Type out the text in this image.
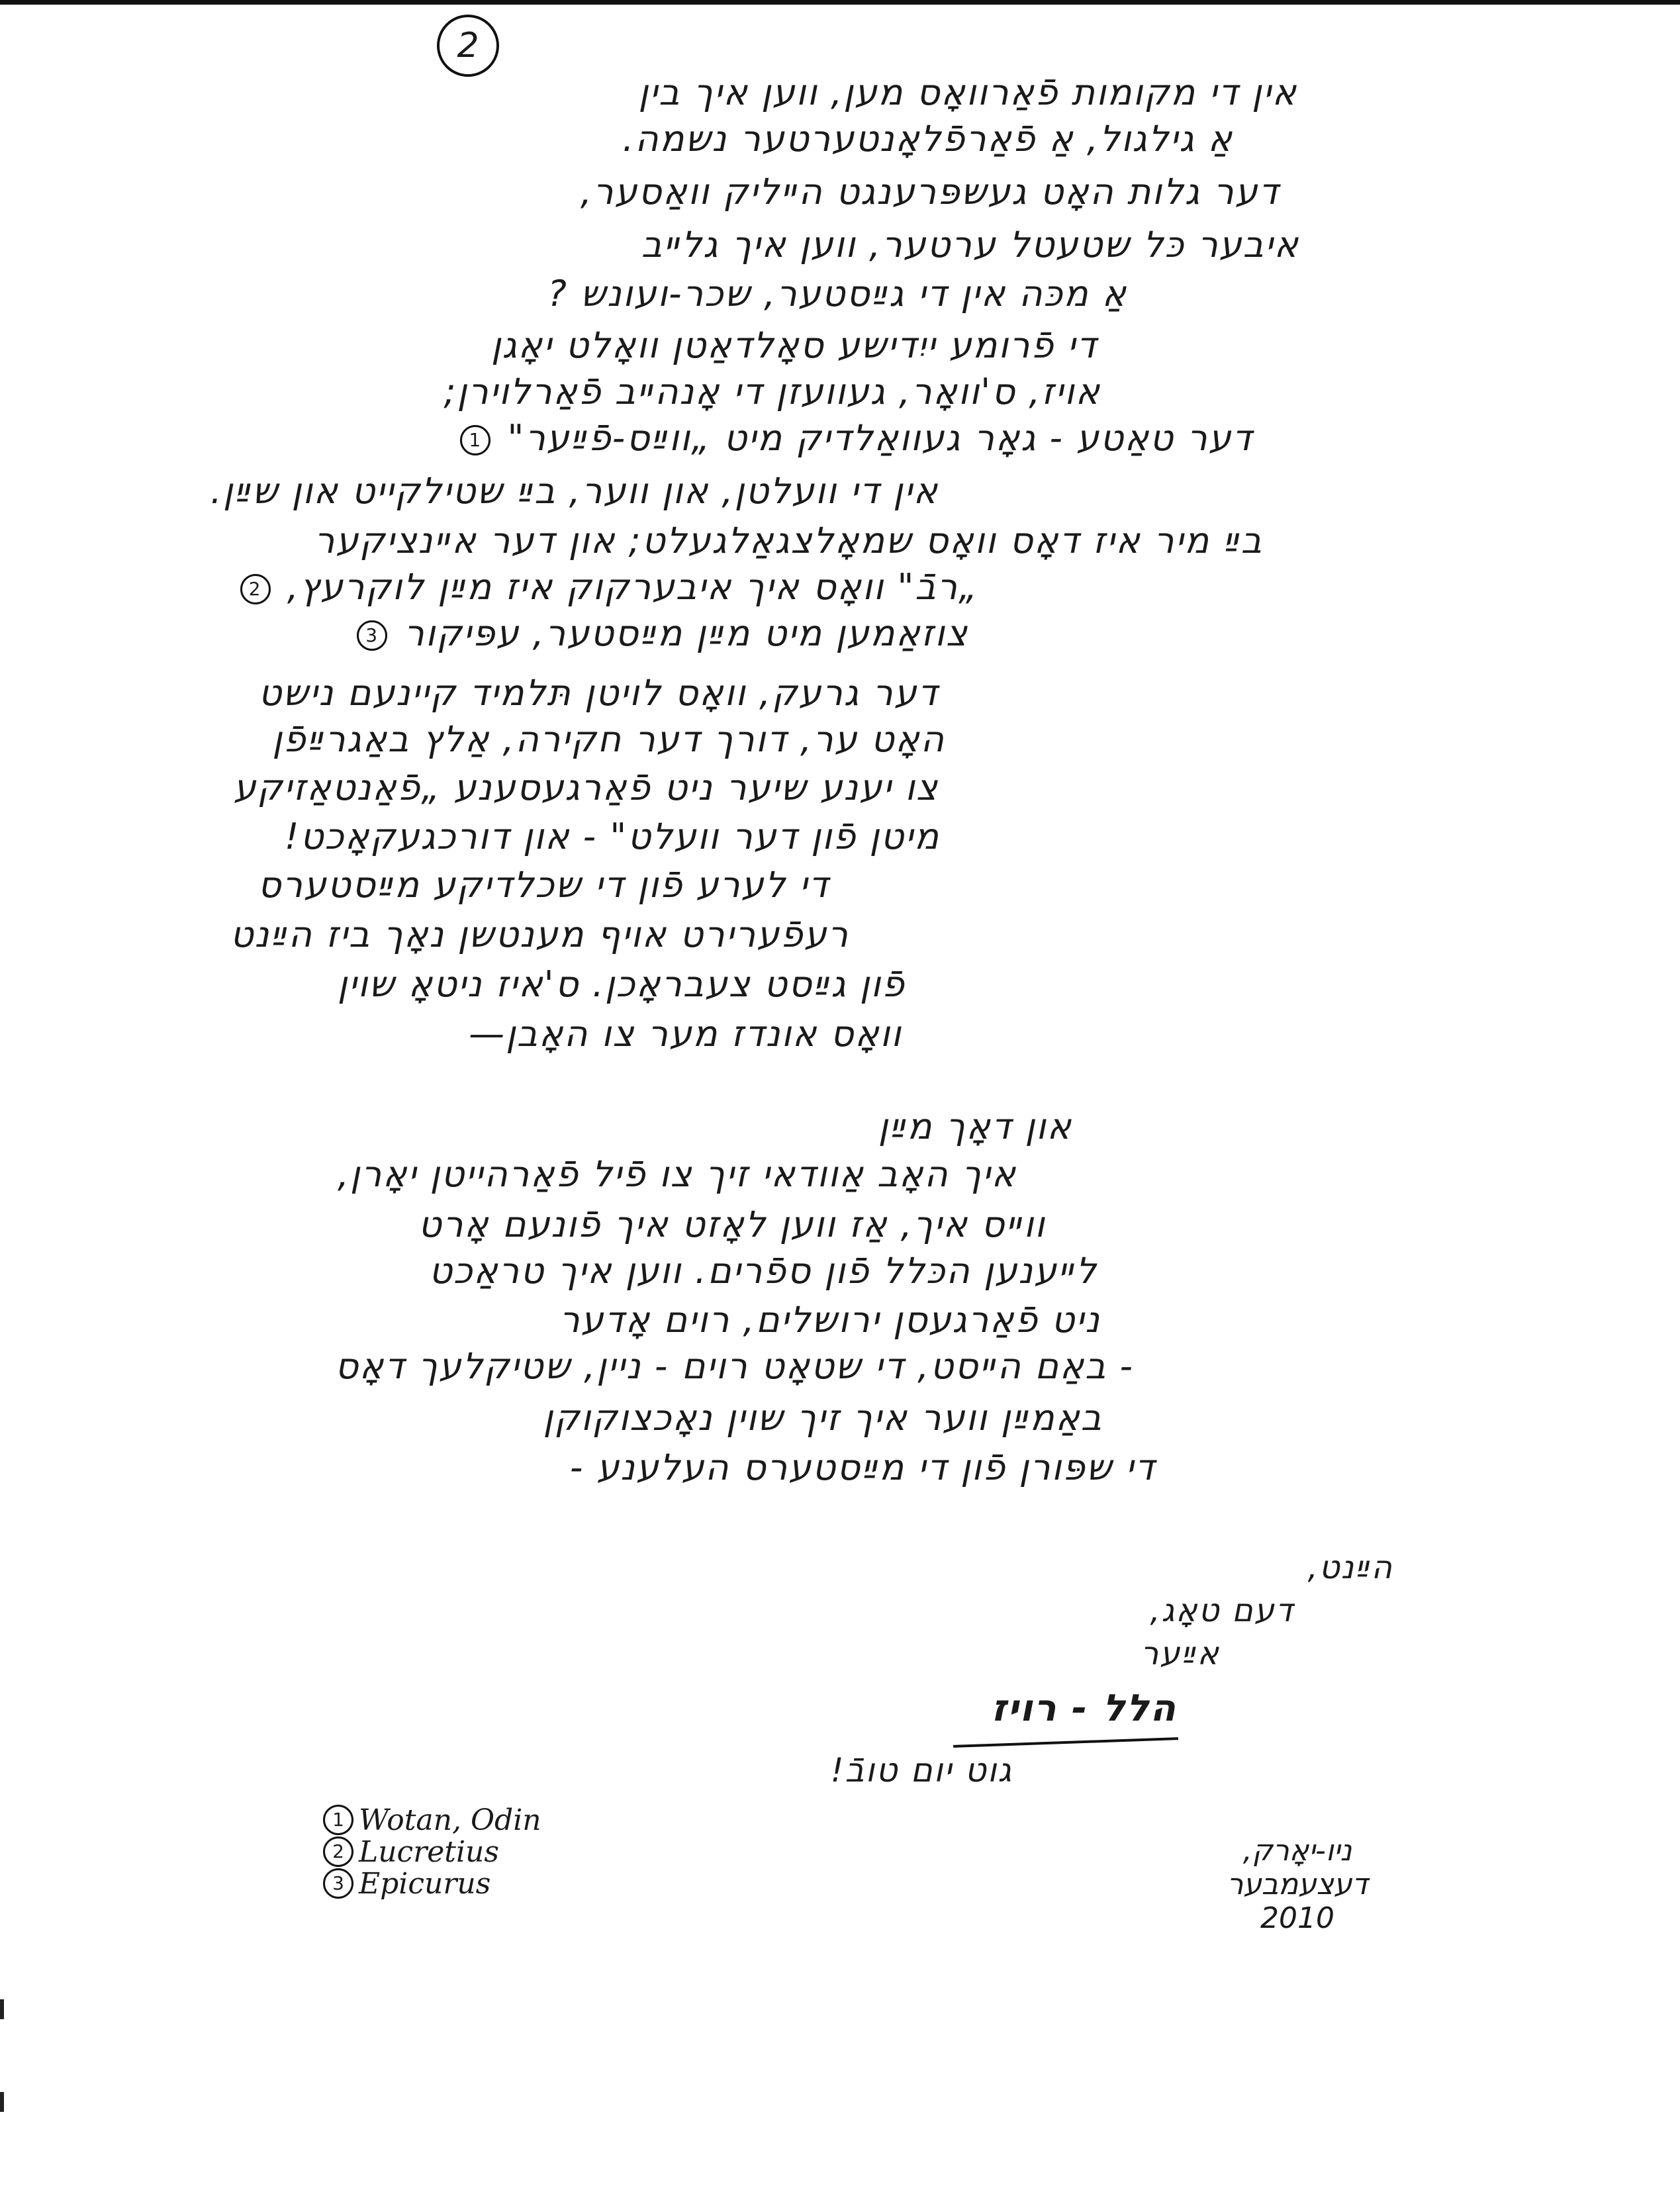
2
אין די מקומות פֿאַרוואָס מען, ווען איך בין
אַ גילגול, אַ פֿאַרפֿלאָנטערטער נשמה.
דער גלות האָט געשפּרענגט הײליק וואַסער,
איבער כּל שטעטל ערטער, ווען איך גלײב
אַ מכּה אין די גײַסטער, שכר-ועונש ?
די פֿרומע ייִדישע סאָלדאַטן וואָלט יאָגן
אויז, ס'וואָר, געוועזן די אָנהײב פֿאַרלוירן;
דער טאַטע - גאָר געוואַלדיק מיט „ווײַס-פֿײַער" 1
אין די וועלטן, און ווער, בײַ שטילקייט און שײַן.
בײַ מיר איז דאָס וואָס שמאָלצגאַלגעלט; און דער אײנציקער
„רבֿ" וואָס איך איבערקוק איז מײַן לוקרעץ, 2
צוזאַמען מיט מײַן מײַסטער, עפּיקור 3
דער גרעק, וואָס לויטן תּלמיד קיינעם נישט
האָט ער, דורך דער חקירה, אַלץ באַגרײַפֿן
צו יענע שיער ניט פֿאַרגעסענע „פֿאַנטאַזיקע
מיטן פֿון דער וועלט" - און דורכגעקאָכט!
די לערע פֿון די שכלדיקע מײַסטערס
רעפֿערירט אויף מענטשן נאָך ביז הײַנט
פֿון גײַסט צעבראָכן. ס'איז ניטאָ שוין
וואָס אונדז מער צו האָבן—
און דאָך מײַן
איך האָב אַוודאי זיך צו פֿיל פֿאַרהייטן יאָרן,
ווײס איך, אַז ווען לאָזט איך פֿונעם אָרט
לײענען הכּלל פֿון ספֿרים. ווען איך טראַכט
ניט פֿאַרגעסן ירושלים, רוים אָדער
- באַם הײסט, די שטאָט רוים - ניין, שטיקלעך דאָס
באַמײַן ווער איך זיך שוין נאָכצוקוקן
די שפּורן פֿון די מײַסטערס העלענע -
הײַנט,
דעם טאָג,
אײַער
הלל - רויז
גוט יום טובֿ!
1 Wotan, Odin
2 Lucretius
3 Epicurus
ניו-יאָרק,
דעצעמבער
2010
